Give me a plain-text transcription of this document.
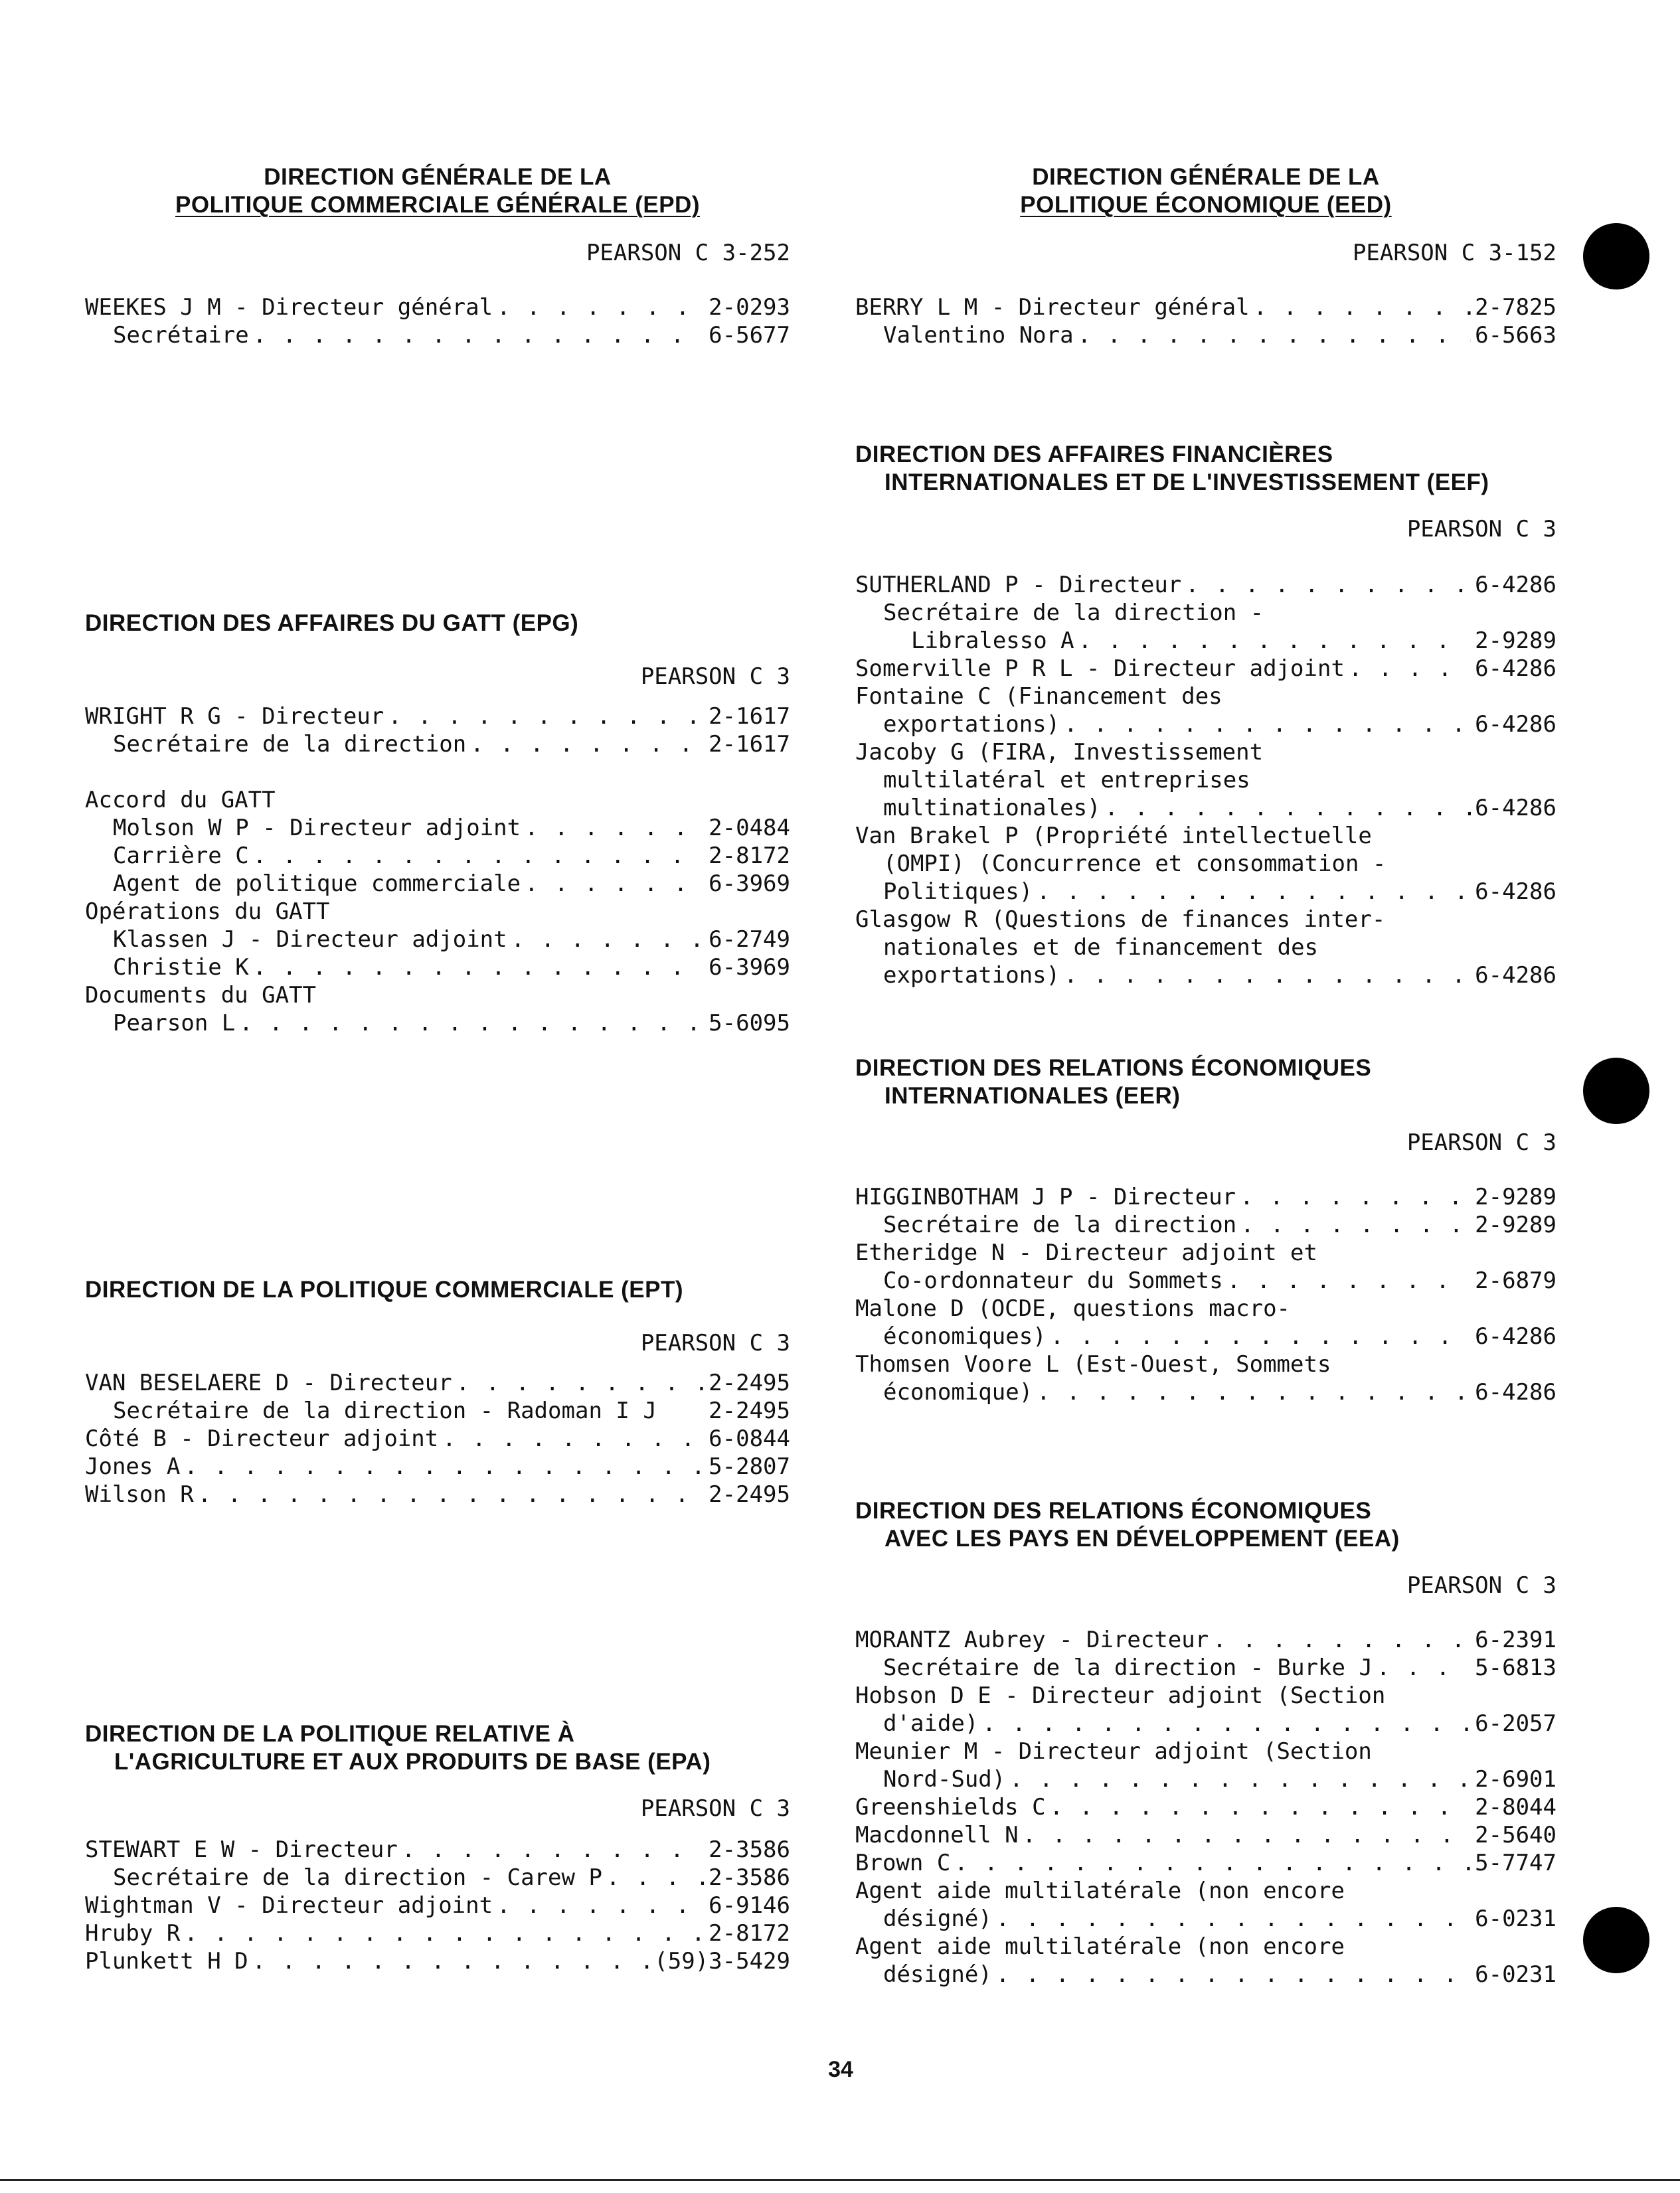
DIRECTION GÉNÉRALE DE LA
POLITIQUE COMMERCIALE GÉNÉRALE (EPD)
PEARSON C 3-252
WEEKES J M - Directeur général . . .	2-0293
Secrétaire . . .	6-5677
DIRECTION DES AFFAIRES DU GATT (EPG)
PEARSON C 3
WRIGHT R G - Directeur . . .	2-1617
Secrétaire de la direction . . .	2-1617
Accord du GATT
Molson W P - Directeur adjoint . . .	2-0484
Carrière C . . .	2-8172
Agent de politique commerciale . . .	6-3969
Opérations du GATT
Klassen J - Directeur adjoint . . .	6-2749
Christie K . . .	6-3969
Documents du GATT
Pearson L . . .	5-6095
DIRECTION DE LA POLITIQUE COMMERCIALE (EPT)
PEARSON C 3
VAN BESELAERE D - Directeur . . .	2-2495
Secrétaire de la direction - Radoman I J 2-2495
Côté B - Directeur adjoint . . .	6-0844
Jones A . . .	5-2807
Wilson R . . .	2-2495
DIRECTION DE LA POLITIQUE RELATIVE À
L'AGRICULTURE ET AUX PRODUITS DE BASE (EPA)
PEARSON C 3
STEWART E W - Directeur . . .	2-3586
Secrétaire de la direction - Carew P . . .	2-3586
Wightman V - Directeur adjoint . . .	6-9146
Hruby R . . .	2-8172
Plunkett H D . . .	(59)3-5429
DIRECTION GÉNÉRALE DE LA
POLITIQUE ÉCONOMIQUE (EED)
PEARSON C 3-152
BERRY L M - Directeur général . . .	2-7825
Valentino Nora . . .	6-5663
DIRECTION DES AFFAIRES FINANCIÈRES
INTERNATIONALES ET DE L'INVESTISSEMENT (EEF)
PEARSON C 3
SUTHERLAND P - Directeur . . .	6-4286
Secrétaire de la direction -
Libralesso A . . .	2-9289
Somerville P R L - Directeur adjoint . . .	6-4286
Fontaine C (Financement des
exportations) . . .	6-4286
Jacoby G (FIRA, Investissement
multilatéral et entreprises
multinationales) . . .	6-4286
Van Brakel P (Propriété intellectuelle
(OMPI) (Concurrence et consommation -
Politiques) . . .	6-4286
Glasgow R (Questions de finances inter-
nationales et de financement des
exportations) . . .	6-4286
DIRECTION DES RELATIONS ÉCONOMIQUES
INTERNATIONALES (EER)
PEARSON C 3
HIGGINBOTHAM J P - Directeur . . .	2-9289
Secrétaire de la direction . . .	2-9289
Etheridge N - Directeur adjoint et
Co-ordonnateur du Sommets . . .	2-6879
Malone D (OCDE, questions macro-
économiques) . . .	6-4286
Thomsen Voore L (Est-Ouest, Sommets
économique) . . .	6-4286
DIRECTION DES RELATIONS ÉCONOMIQUES
AVEC LES PAYS EN DÉVELOPPEMENT (EEA)
PEARSON C 3
MORANTZ Aubrey - Directeur . . .	6-2391
Secrétaire de la direction - Burke J . . .	5-6813
Hobson D E - Directeur adjoint (Section
d'aide) . . .	6-2057
Meunier M - Directeur adjoint (Section
Nord-Sud) . . .	2-6901
Greenshields C . . .	2-8044
Macdonnell N . . .	2-5640
Brown C . . .	5-7747
Agent aide multilatérale (non encore
désigné) . . .	6-0231
Agent aide multilatérale (non encore
désigné) . . .	6-0231
34
